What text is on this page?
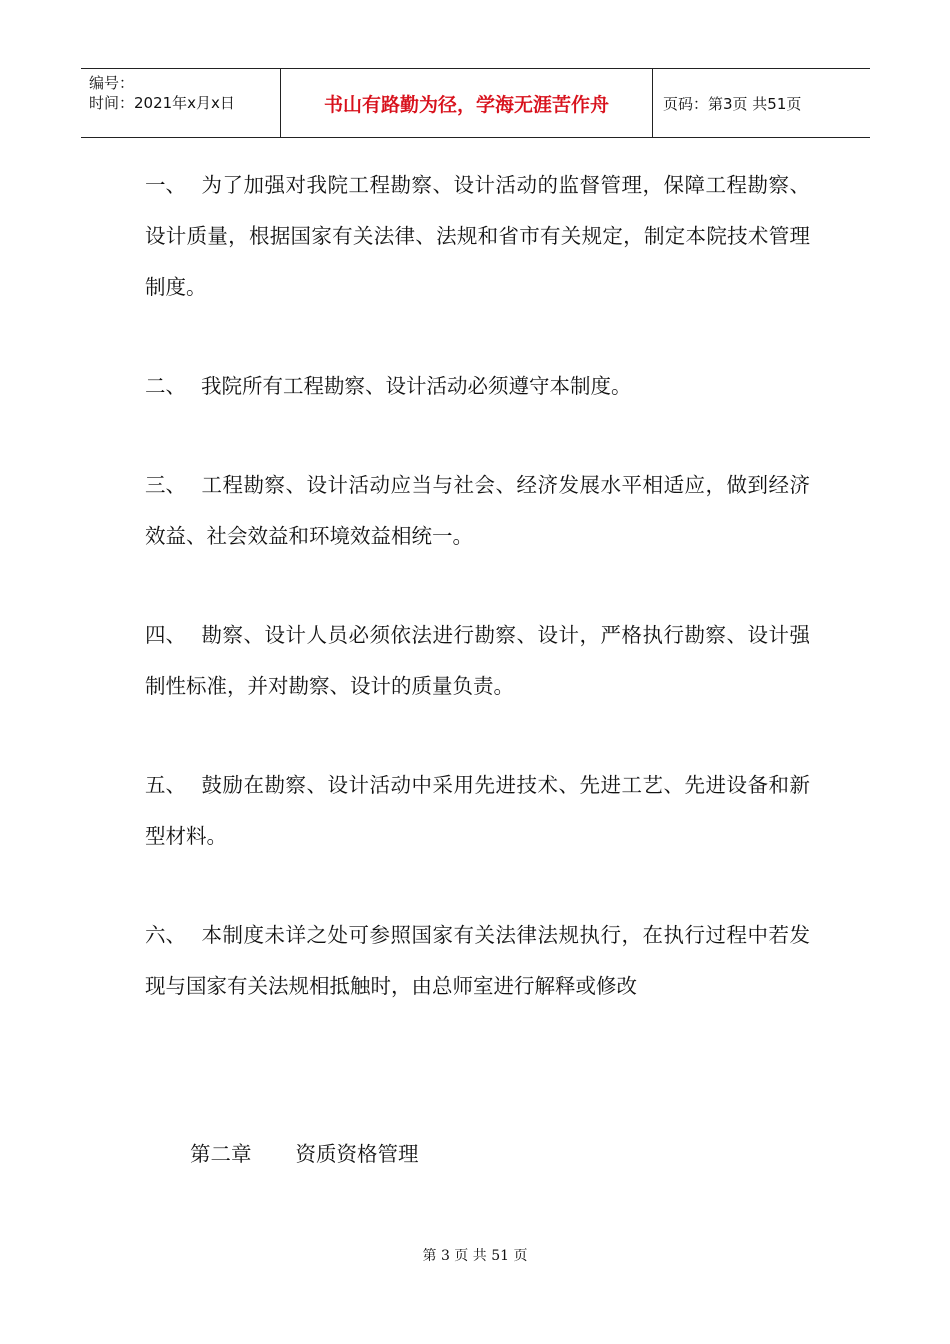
编号：
时间：2021年x月x日	书山有路勤为径，学海无涯苦作舟	页码：第3页 共51页

一、 为了加强对我院工程勘察、设计活动的监督管理，保障工程勘察、设计质量，根据国家有关法律、法规和省市有关规定，制定本院技术管理制度。

二、 我院所有工程勘察、设计活动必须遵守本制度。

三、 工程勘察、设计活动应当与社会、经济发展水平相适应，做到经济效益、社会效益和环境效益相统一。

四、 勘察、设计人员必须依法进行勘察、设计，严格执行勘察、设计强制性标准，并对勘察、设计的质量负责。

五、 鼓励在勘察、设计活动中采用先进技术、先进工艺、先进设备和新型材料。

六、 本制度未详之处可参照国家有关法律法规执行，在执行过程中若发现与国家有关法规相抵触时，由总师室进行解释或修改

第二章 资质资格管理
第 3 页 共 51 页
